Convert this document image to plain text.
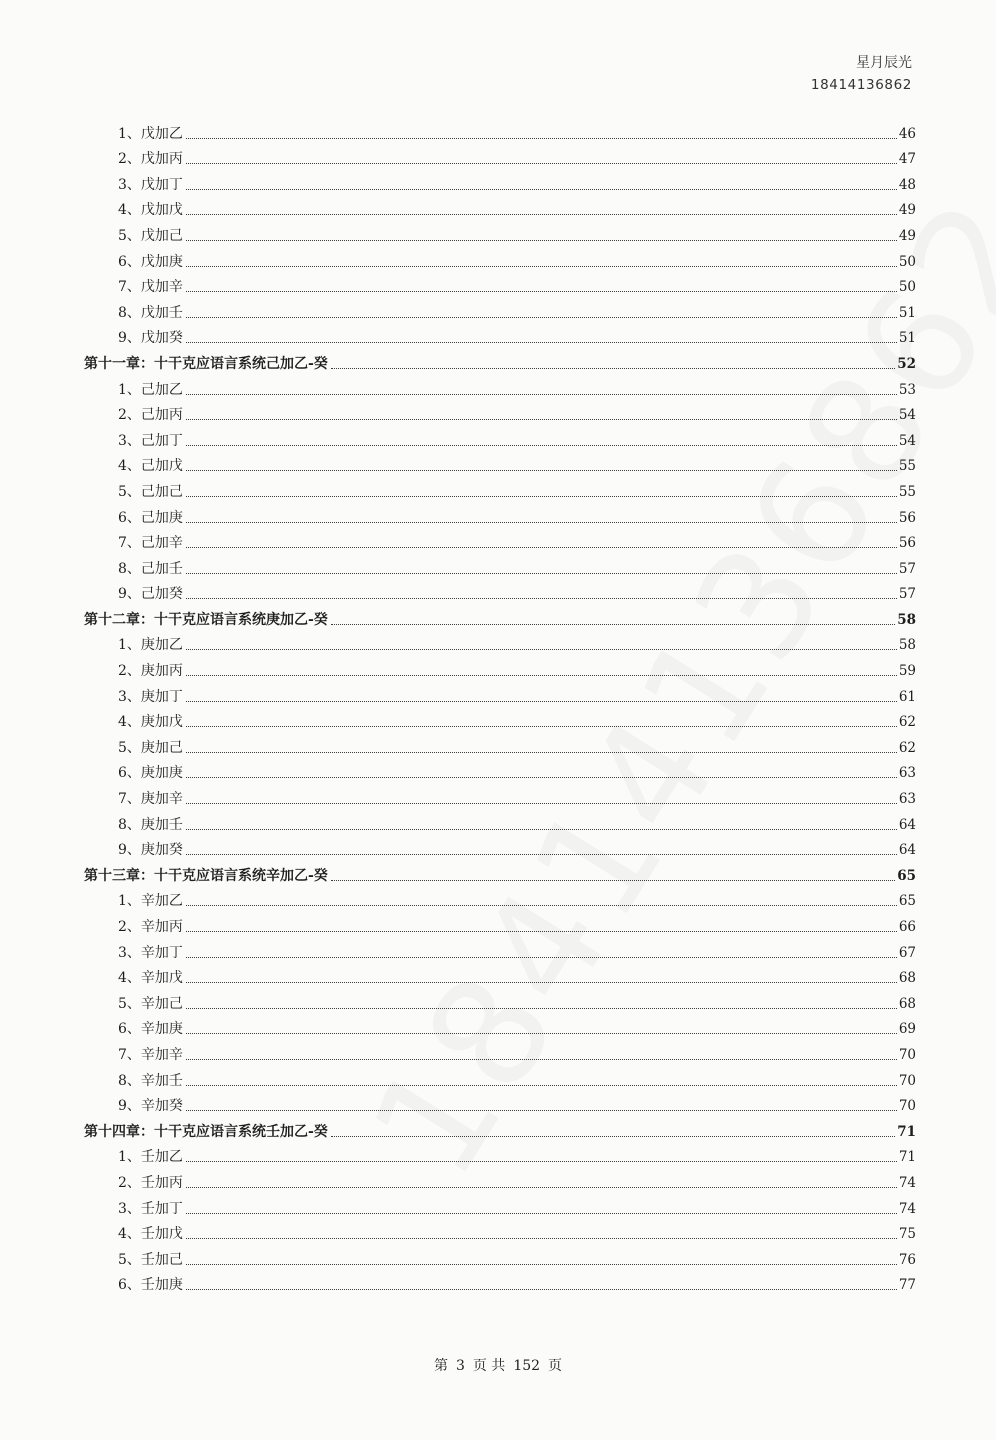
星月辰光
18414136862
1、戊加乙	46
2、戊加丙	47
3、戊加丁	48
4、戊加戊	49
5、戊加己	49
6、戊加庚	50
7、戊加辛	50
8、戊加壬	51
9、戊加癸	51
第十一章：十干克应语言系统己加乙-癸	52
1、己加乙	53
2、己加丙	54
3、己加丁	54
4、己加戊	55
5、己加己	55
6、己加庚	56
7、己加辛	56
8、己加壬	57
9、己加癸	57
第十二章：十干克应语言系统庚加乙-癸	58
1、庚加乙	58
2、庚加丙	59
3、庚加丁	61
4、庚加戊	62
5、庚加己	62
6、庚加庚	63
7、庚加辛	63
8、庚加壬	64
9、庚加癸	64
第十三章：十干克应语言系统辛加乙-癸	65
1、辛加乙	65
2、辛加丙	66
3、辛加丁	67
4、辛加戊	68
5、辛加己	68
6、辛加庚	69
7、辛加辛	70
8、辛加壬	70
9、辛加癸	70
第十四章：十干克应语言系统壬加乙-癸	71
1、壬加乙	71
2、壬加丙	74
3、壬加丁	74
4、壬加戊	75
5、壬加己	76
6、壬加庚	77
第 3 页 共 152 页
